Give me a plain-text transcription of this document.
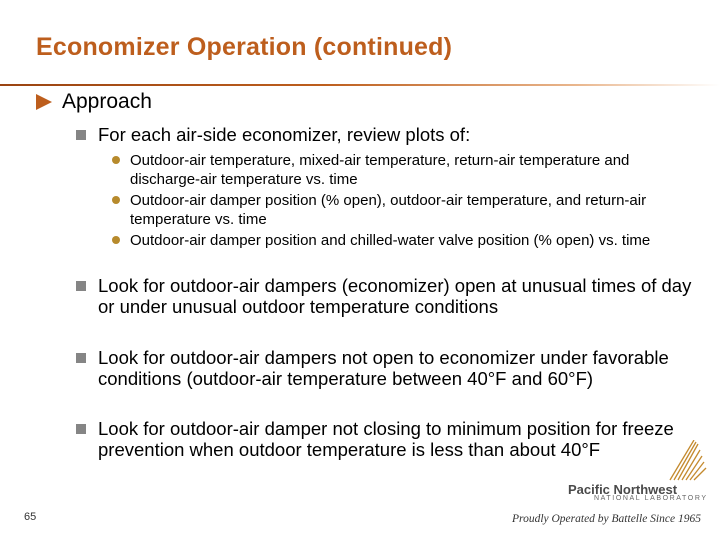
Economizer Operation (continued)
Approach
For each air-side economizer, review plots of:
Outdoor-air temperature, mixed-air temperature, return-air temperature and discharge-air temperature vs. time
Outdoor-air damper position (% open), outdoor-air temperature, and return-air temperature vs. time
Outdoor-air damper position and chilled-water valve position (% open) vs. time
Look for outdoor-air dampers (economizer) open at unusual times of day or under unusual outdoor temperature conditions
Look for outdoor-air dampers not open to economizer under favorable conditions (outdoor-air temperature between 40°F and 60°F)
Look for outdoor-air damper not closing to minimum position for freeze prevention when outdoor temperature is less than about 40°F
65
Pacific Northwest
NATIONAL LABORATORY
Proudly Operated by Battelle Since 1965
